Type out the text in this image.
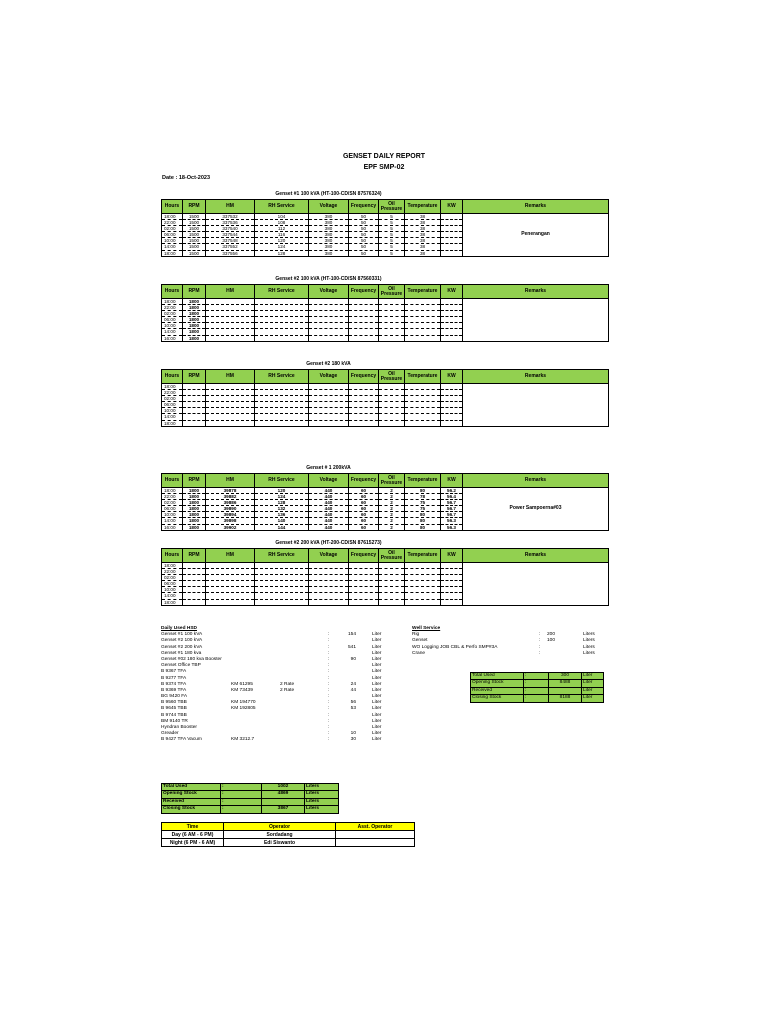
GENSET DAILY REPORT
EPF SMP-02
Date : 18-Oct-2023
Genset #1 100 kVA (HT-100-CD/SN 87576324)
Hours	RPM	HM	RH Service	Voltage	Frequency	Oil Pressure	Temperature	KW	Remarks
18:00	1500	337532	104	380	50	5	38		Penerangan
22:00	1500	337536	108	380	50	5	38		
02:00	1500	337540	112	380	50	5	38		
06:00	1500	337544	116	380	50	5	38		
10:00	1500	337548	120	380	50	5	38		
14:00	1500	337552	124	380	50	5	38		
18:00	1500	337556	128	380	50	5	38		
Genset #2 100 kVA (HT-100-CD/SN 87560331)
Hours	RPM	HM	RH Service	Voltage	Frequency	Oil Pressure	Temperature	KW	Remarks
18:00	1800								
22:00	1800								
02:00	1800								
06:00	1800								
10:00	1800								
14:00	1800								
16:00	1800								
Genset #2 180 kVA
Hours	RPM	HM	RH Service	Voltage	Frequency	Oil Pressure	Temperature	KW	Remarks
18:00									
22:00									
02:00									
06:00									
10:00									
14:00									
18:00									
Genset # 1 200kVA
Hours	RPM	HM	RH Service	Voltage	Frequency	Oil Pressure	Temperature	KW	Remarks
18:00	1800	39878	120	440	60	2	80	56.2	Power Sampoerna#03
22:00	1800	39882	124	440	60	2	78	56.4	
02:00	1800	39886	128	440	60	2	75	56.7	
06:00	1800	39890	132	440	60	2	75	56.7	
10:00	1800	39894	136	440	60	2	80	56.7	
14:00	1800	39898	140	440	60	2	80	56.3	
16:00	1800	39902	144	440	60	2	80	56.3	
Genset #2 200 kVA (HT-200-CD/SN 87615273)
Hours	RPM	HM	RH Service	Voltage	Frequency	Oil Pressure	Temperature	KW	Remarks
18:00									
22:00									
02:00									
06:00									
10:00									
14:00									
18:00									
Daily Used HSD
Genset #1 100 kVA	:	154	Liter
Genset #2 100 kVA	:	Liter
Genset #2 200 kVA	:	541	Liter
Genset #1 180 kva	:	Liter
Genset #02 180 kva Booster	:	90	Liter
Genset Office TBP	:	Liter
B 9367 TFA	:	Liter
B 9277 TFA	:	Liter
B 9374 TFA	KM 61295	2 Rate	:	24	Liter
B 9369 TFA	KM 73439	2 Rate	:	44	Liter
BG 9420 FA	:	Liter
B 9560 TBB	KM 194770	:	56	Liter
B 9645 TBB	KM 192805	:	53	Liter
B 9744 TBB	:	Liter
BM 9140 TR	:	Liter
Hyndran Booster	:	Liter
Greader	:	10	Liter
B 9427 TFA Vacum	KM 3212.7	:	30	Liter
Total Used	:	1002	Liters
Opening Stock	:	4869	Liters
Received	:		Liters
Closing Stock	:	3867	Liters
Well Service
Rig	: 200	Liters
Genset	: 100	Liters
WO Logging JOB CBL & Perfo SMP#3A	:	Liters
Crane	:	Liters
Total Used	:	300	Liter
Opening Stock	:	8488	Liter
Received	:		Liter
Closing Stock	:	8188	Liter
Time	Operator	Asst. Operator
Day (6 AM - 6 PM)	Sordadang	
Night (6 PM - 6 AM)	Edi Siswanto	
